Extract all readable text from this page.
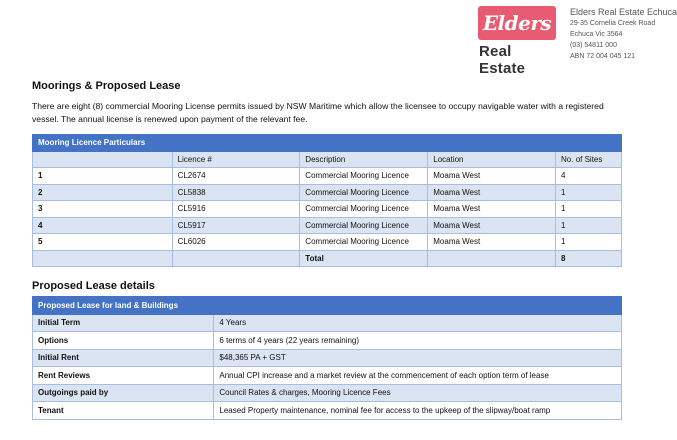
Elders
Real Estate
Elders Real Estate Echuca
29-35 Cornelia Creek Road
Echuca Vic 3564
(03) 54811 000
ABN 72 004 045 121
Moorings & Proposed Lease
There are eight (8) commercial Mooring License permits issued by NSW Maritime which allow the licensee to occupy navigable water with a registered vessel. The annual license is renewed upon payment of the relevant fee.
Mooring Licence Particulars				
	Licence #	Description	Location	No. of Sites
1	CL2674	Commercial Mooring Licence	Moama West	4
2	CL5838	Commercial Mooring Licence	Moama West	1
3	CL5916	Commercial Mooring Licence	Moama West	1
4	CL5917	Commercial Mooring Licence	Moama West	1
5	CL6026	Commercial Mooring Licence	Moama West	1
		Total		8
Proposed Lease details
Proposed Lease for land & Buildings	
Initial Term	4 Years
Options	6 terms of 4 years (22 years remaining)
Initial Rent	$48,365 PA + GST
Rent Reviews	Annual CPI increase and a market review at the commencement of each option term of lease
Outgoings paid by	Council Rates & charges, Mooring Licence Fees
Tenant	Leased Property maintenance, nominal fee for access to the upkeep of the slipway/boat ramp
